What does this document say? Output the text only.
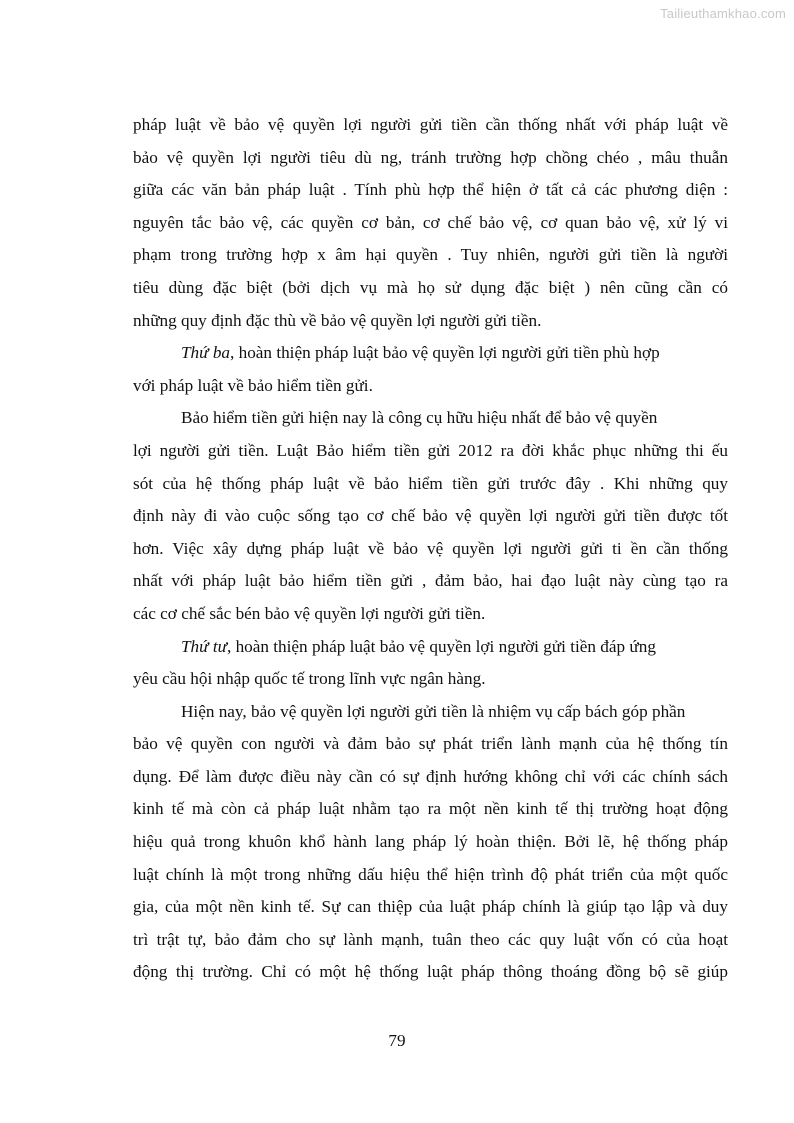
Tailieuthamkhao.com
pháp luật về bảo vệ quyền lợi người gửi tiền cần thống nhất với pháp luật về
bảo vệ quyền lợi người tiêu dù ng, tránh trường hợp chồng chéo , mâu thuẫn
giữa các văn bản pháp luật . Tính phù hợp thể hiện ở tất cả các phương diện :
nguyên tắc bảo vệ, các quyền cơ bản, cơ chế bảo vệ, cơ quan bảo vệ, xử lý vi
phạm trong trường hợp x âm hại quyền . Tuy nhiên, người gửi tiền là người
tiêu dùng đặc biệt (bởi dịch vụ mà họ sử dụng đặc biệt ) nên cũng cần có
những quy định đặc thù về bảo vệ quyền lợi người gửi tiền.
Thứ ba, hoàn thiện pháp luật bảo vệ quyền lợi người gửi tiền phù hợp
với pháp luật về bảo hiểm tiền gửi.
Bảo hiểm tiền gửi hiện nay là công cụ hữu hiệu nhất để bảo vệ quyền
lợi người gửi tiền. Luật Bảo hiểm tiền gửi 2012 ra đời khắc phục những thi ếu
sót của hệ thống pháp luật về bảo hiểm tiền gửi trước đây . Khi những quy
định này đi vào cuộc sống tạo cơ chế bảo vệ quyền lợi người gửi tiền được tốt
hơn. Việc xây dựng pháp luật về bảo vệ quyền lợi người gửi ti ền cần thống
nhất với pháp luật bảo hiểm tiền gửi , đảm bảo, hai đạo luật này cùng tạo ra
các cơ chế sắc bén bảo vệ quyền lợi người gửi tiền.
Thứ tư, hoàn thiện pháp luật bảo vệ quyền lợi người gửi tiền đáp ứng
yêu cầu hội nhập quốc tế trong lĩnh vực ngân hàng.
Hiện nay, bảo vệ quyền lợi người gửi tiền là nhiệm vụ cấp bách góp phần
bảo vệ quyền con người và đảm bảo sự phát triển lành mạnh của hệ thống tín
dụng. Để làm được điều này cần có sự định hướng không chỉ với các chính sách
kinh tế mà còn cả pháp luật nhằm tạo ra một nền kinh tế thị trường hoạt động
hiệu quả trong khuôn khổ hành lang pháp lý hoàn thiện. Bởi lẽ, hệ thống pháp
luật chính là một trong những dấu hiệu thể hiện trình độ phát triển của một quốc
gia, của một nền kinh tế. Sự can thiệp của luật pháp chính là giúp tạo lập và duy
trì trật tự, bảo đảm cho sự lành mạnh, tuân theo các quy luật vốn có của hoạt
động thị trường. Chỉ có một hệ thống luật pháp thông thoáng đồng bộ sẽ giúp
79
